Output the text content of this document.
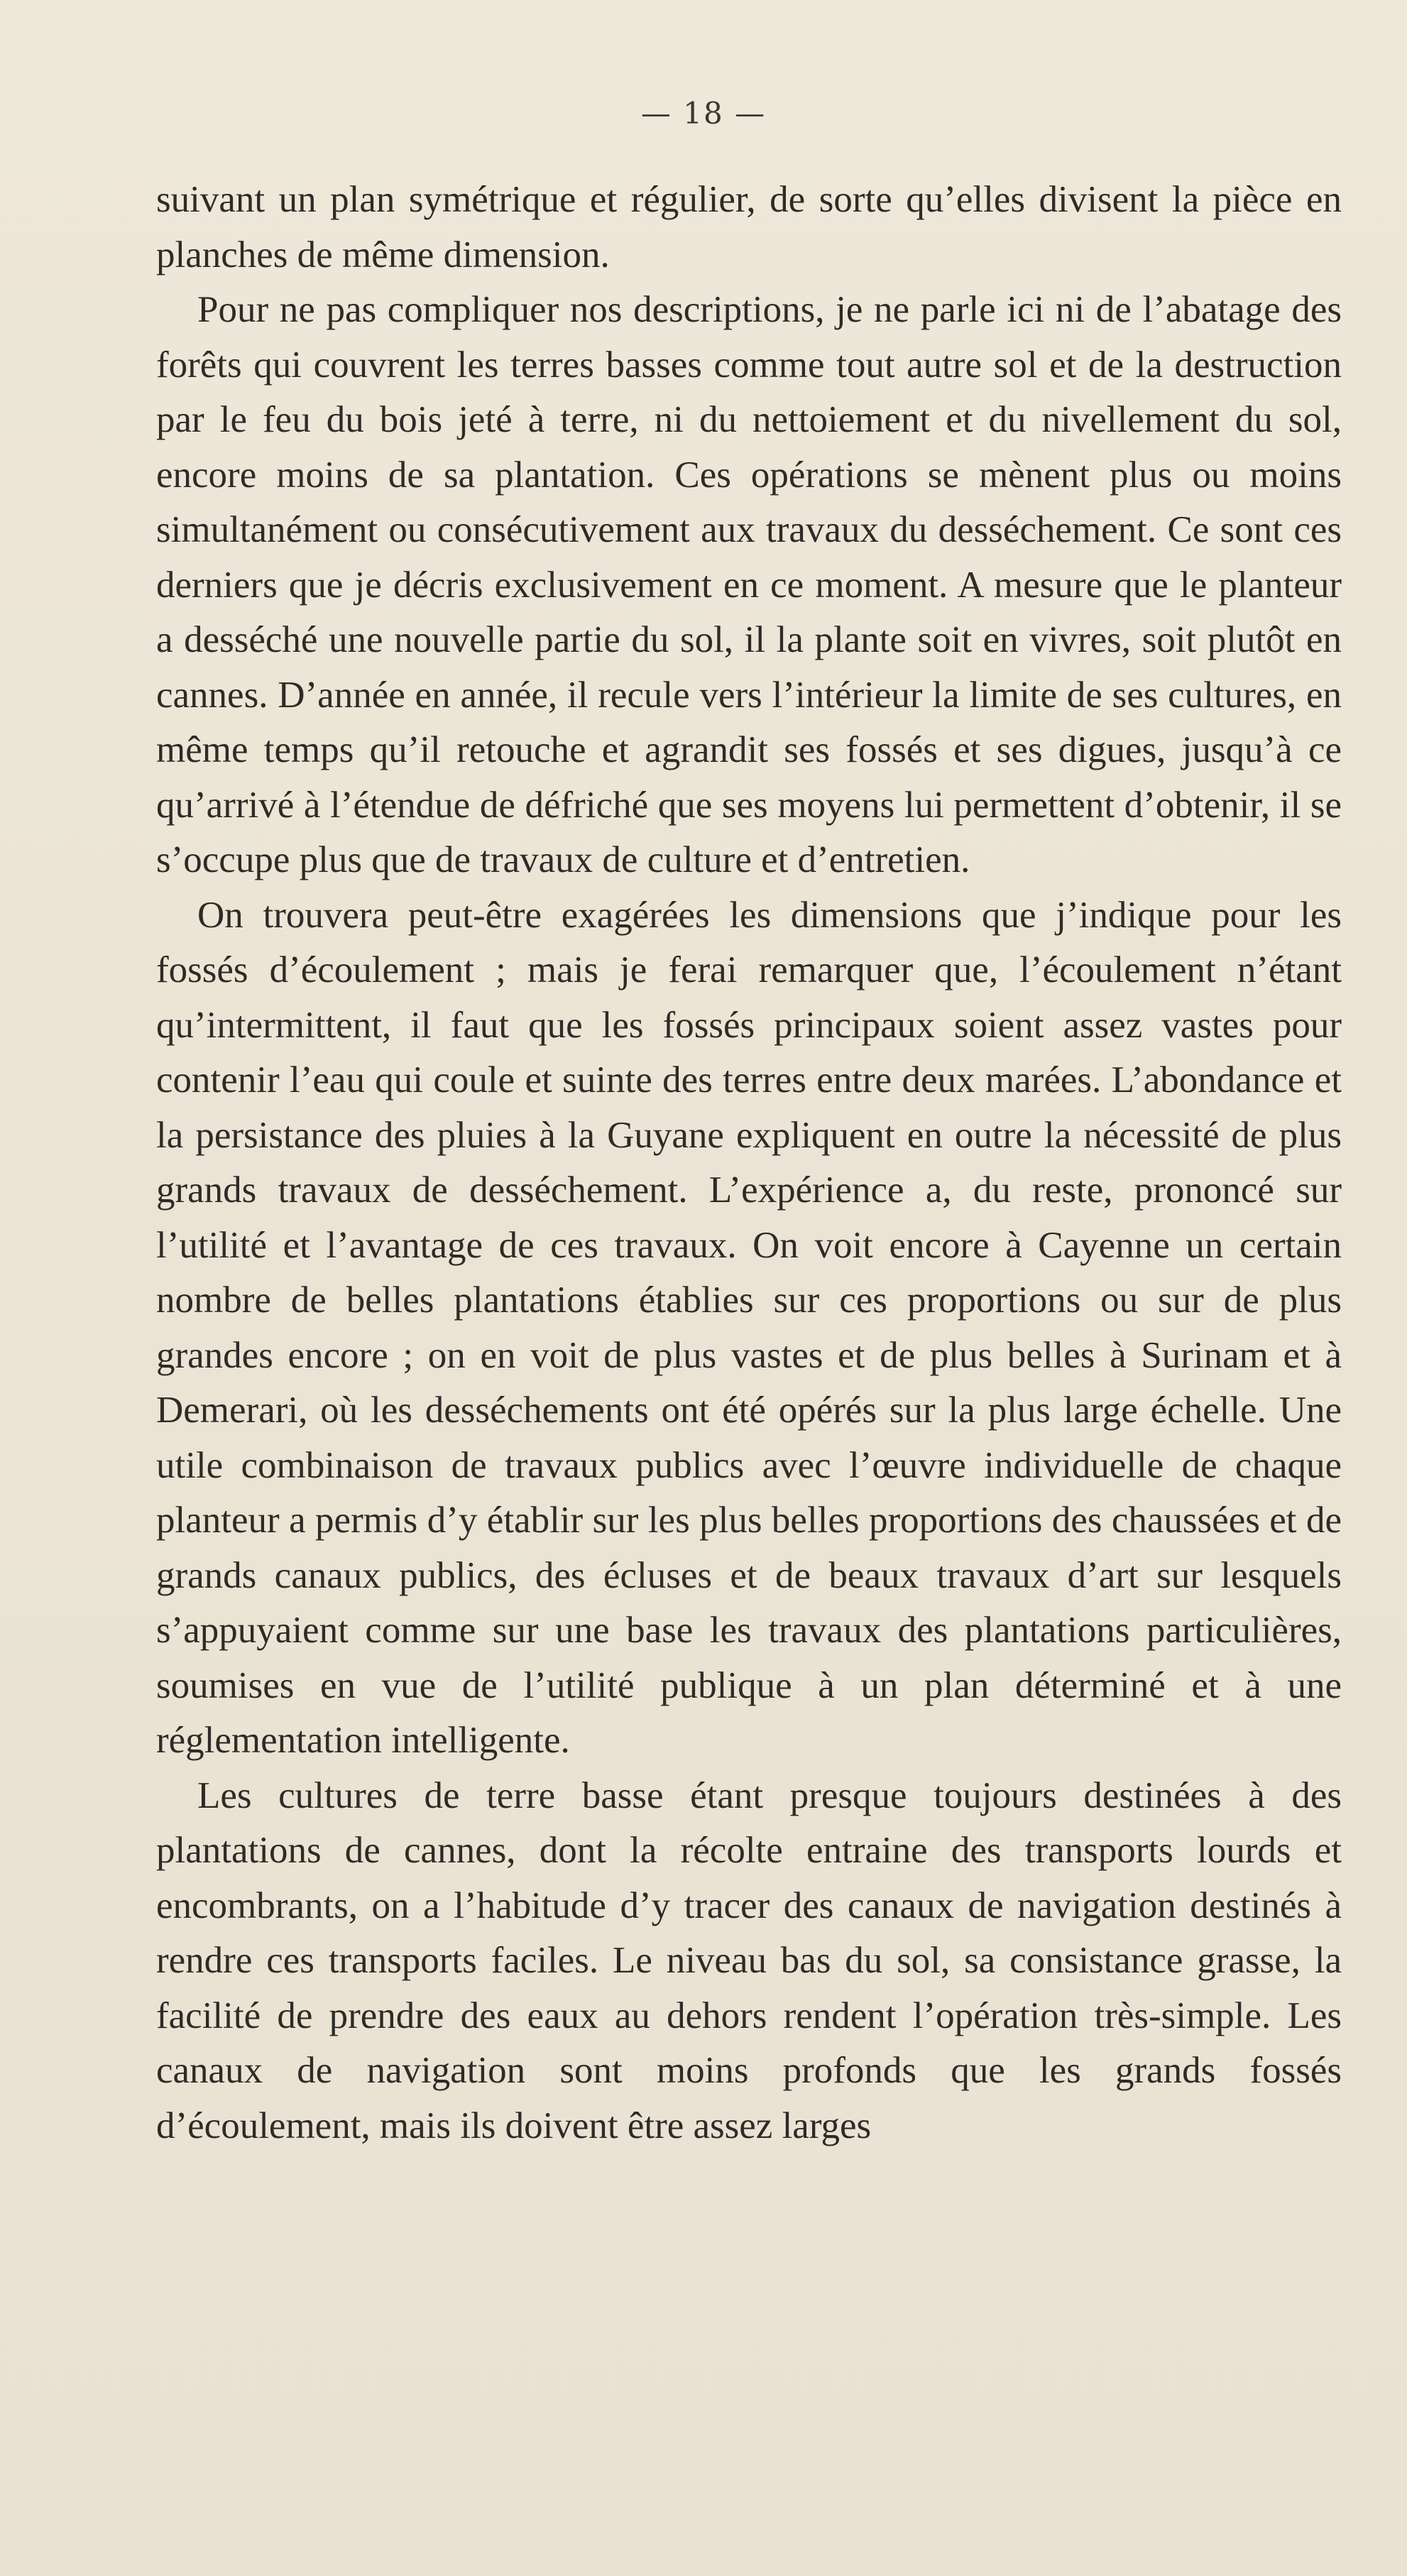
— 18 —

suivant un plan symétrique et régulier, de sorte qu’elles divisent la pièce en planches de même dimension.

Pour ne pas compliquer nos descriptions, je ne parle ici ni de l’abatage des forêts qui couvrent les terres basses comme tout autre sol et de la destruction par le feu du bois jeté à terre, ni du nettoiement et du nivellement du sol, encore moins de sa plantation. Ces opérations se mènent plus ou moins simultanément ou consécutivement aux travaux du desséchement. Ce sont ces derniers que je décris exclusivement en ce moment. A mesure que le planteur a desséché une nouvelle partie du sol, il la plante soit en vivres, soit plutôt en cannes. D’année en année, il recule vers l’intérieur la limite de ses cultures, en même temps qu’il retouche et agrandit ses fossés et ses digues, jusqu’à ce qu’arrivé à l’étendue de défriché que ses moyens lui permettent d’obtenir, il se s’occupe plus que de travaux de culture et d’entretien.

On trouvera peut-être exagérées les dimensions que j’indique pour les fossés d’écoulement ; mais je ferai remarquer que, l’écoulement n’étant qu’intermittent, il faut que les fossés principaux soient assez vastes pour contenir l’eau qui coule et suinte des terres entre deux marées. L’abondance et la persistance des pluies à la Guyane expliquent en outre la nécessité de plus grands travaux de desséchement. L’expérience a, du reste, prononcé sur l’utilité et l’avantage de ces travaux. On voit encore à Cayenne un certain nombre de belles plantations établies sur ces proportions ou sur de plus grandes encore ; on en voit de plus vastes et de plus belles à Surinam et à Demerari, où les desséchements ont été opérés sur la plus large échelle. Une utile combinaison de travaux publics avec l’œuvre individuelle de chaque planteur a permis d’y établir sur les plus belles proportions des chaussées et de grands canaux publics, des écluses et de beaux travaux d’art sur lesquels s’appuyaient comme sur une base les travaux des plantations particulières, soumises en vue de l’utilité publique à un plan déterminé et à une réglementation intelligente.

Les cultures de terre basse étant presque toujours destinées à des plantations de cannes, dont la récolte entraine des transports lourds et encombrants, on a l’habitude d’y tracer des canaux de navigation destinés à rendre ces transports faciles. Le niveau bas du sol, sa consistance grasse, la facilité de prendre des eaux au dehors rendent l’opération très-simple. Les canaux de navigation sont moins profonds que les grands fossés d’écoulement, mais ils doivent être assez larges
